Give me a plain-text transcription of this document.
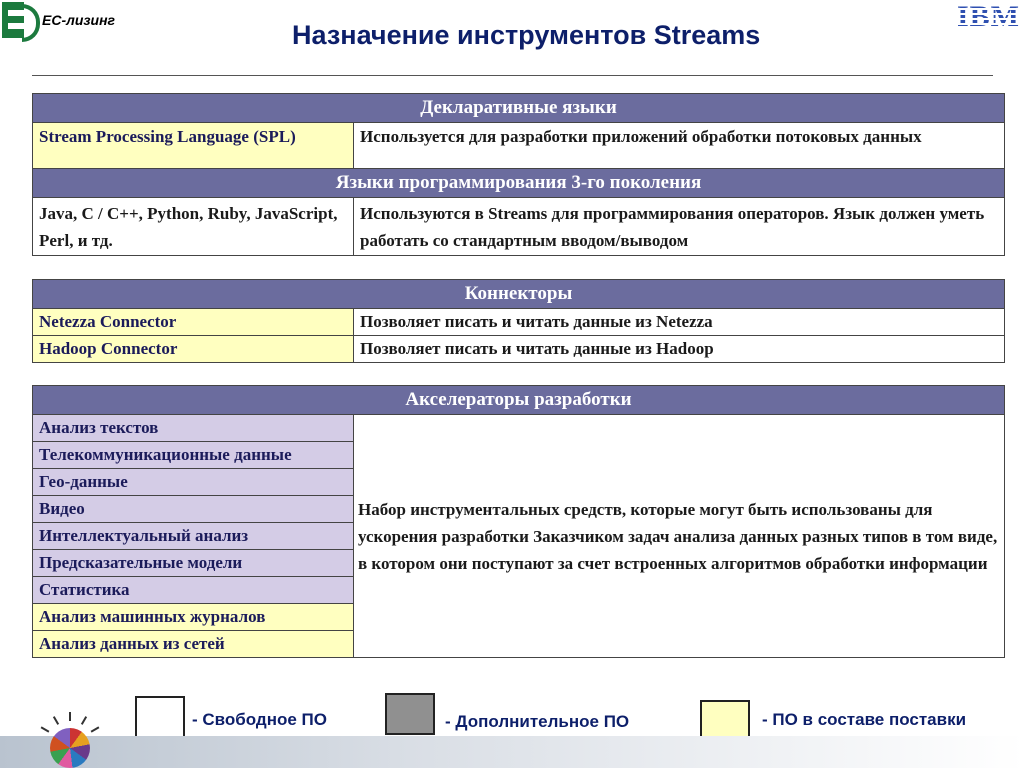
ЕС-лизинг	Назначение инструментов Streams
IBM
Декларативные языки	
Stream Processing Language (SPL)	Используется для разработки приложений обработки потоковых данных
Языки программирования 3-го поколения	
Java, C / C++, Python, Ruby, JavaScript, Perl, и тд.	Используются в Streams для программирования операторов. Язык должен уметь работать со стандартным вводом/выводом
Коннекторы	
Netezza Connector	Позволяет писать и читать данные из Netezza
Hadoop Connector	Позволяет писать и читать данные из Hadoop
Акселераторы разработки
Анализ текстов	Набор инструментальных средств, которые могут быть использованы для ускорения разработки Заказчиком задач анализа данных разных типов в том виде, в котором они поступают за счет встроенных алгоритмов обработки информации
Телекоммуникационные данные
Гео-данные
Видео
Интеллектуальный анализ
Предсказательные модели
Статистика
Анализ машинных журналов
Анализ данных из сетей
- Свободное ПО	- Дополнительное ПО	- ПО в составе поставки
